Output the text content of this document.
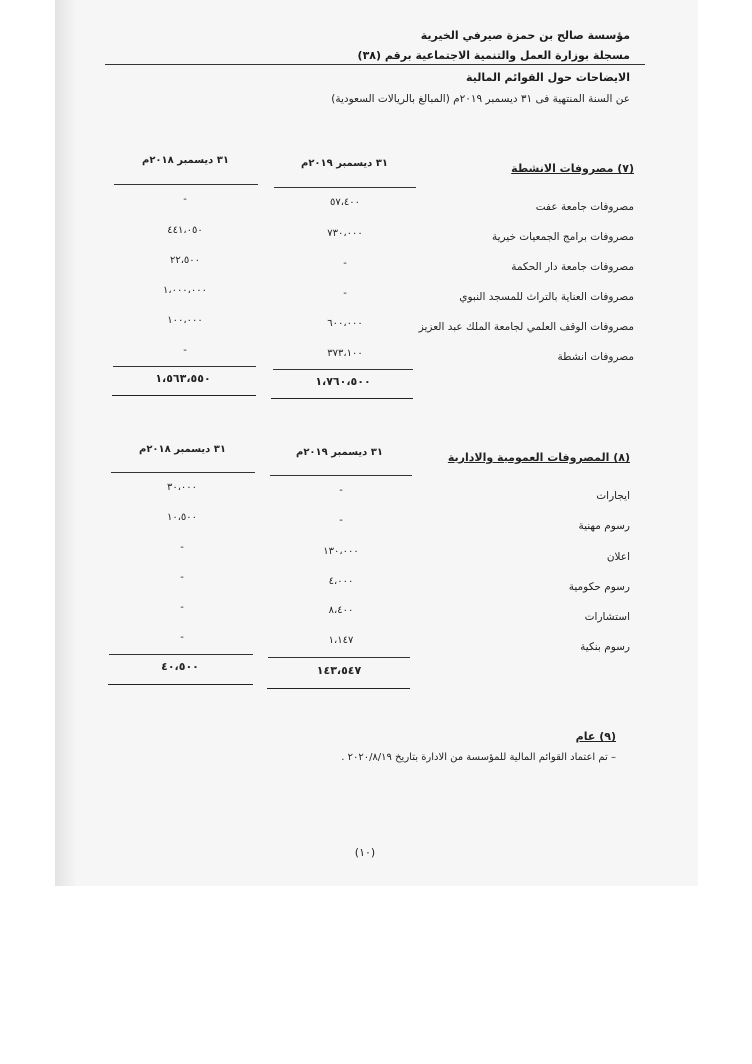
مؤسسة صالح بن حمزة صيرفي الخيرية
مسجلة بوزارة العمل والتنمية الاجتماعية برقم (٣٨)
الايضاحات حول القوائم المالية
عن السنة المنتهية فى ٣١ ديسمبر ٢٠١٩م (المبالغ بالريالات السعودية)
(٧) مصروفات الانشطة
٣١ ديسمبر ٢٠١٩م
٣١ ديسمبر ٢٠١٨م
مصروفات جامعة عفت
٥٧،٤٠٠
-
مصروفات برامج الجمعيات خيرية
٧٣٠،٠٠٠
٤٤١،٠٥٠
مصروفات جامعة دار الحكمة
-
٢٢،٥٠٠
مصروفات العناية بالتراث للمسجد النبوي
-
١،٠٠٠،٠٠٠
مصروفات الوقف العلمي لجامعة الملك عبد العزيز
٦٠٠،٠٠٠
١٠٠،٠٠٠
مصروفات انشطة
٣٧٣،١٠٠
-
١،٧٦٠،٥٠٠
١،٥٦٣،٥٥٠
(٨) المصروفات العمومية والادارية
٣١ ديسمبر ٢٠١٩م
٣١ ديسمبر ٢٠١٨م
ايجارات
-
٣٠،٠٠٠
رسوم مهنية
-
١٠،٥٠٠
اعلان
١٣٠،٠٠٠
-
رسوم حكومية
٤،٠٠٠
-
استشارات
٨،٤٠٠
-
رسوم بنكية
١،١٤٧
-
١٤٣،٥٤٧
٤٠،٥٠٠
(٩) عام
– تم اعتماد القوائم المالية للمؤسسة من الادارة بتاريخ ٢٠٢٠/٨/١٩ .
(١٠)
